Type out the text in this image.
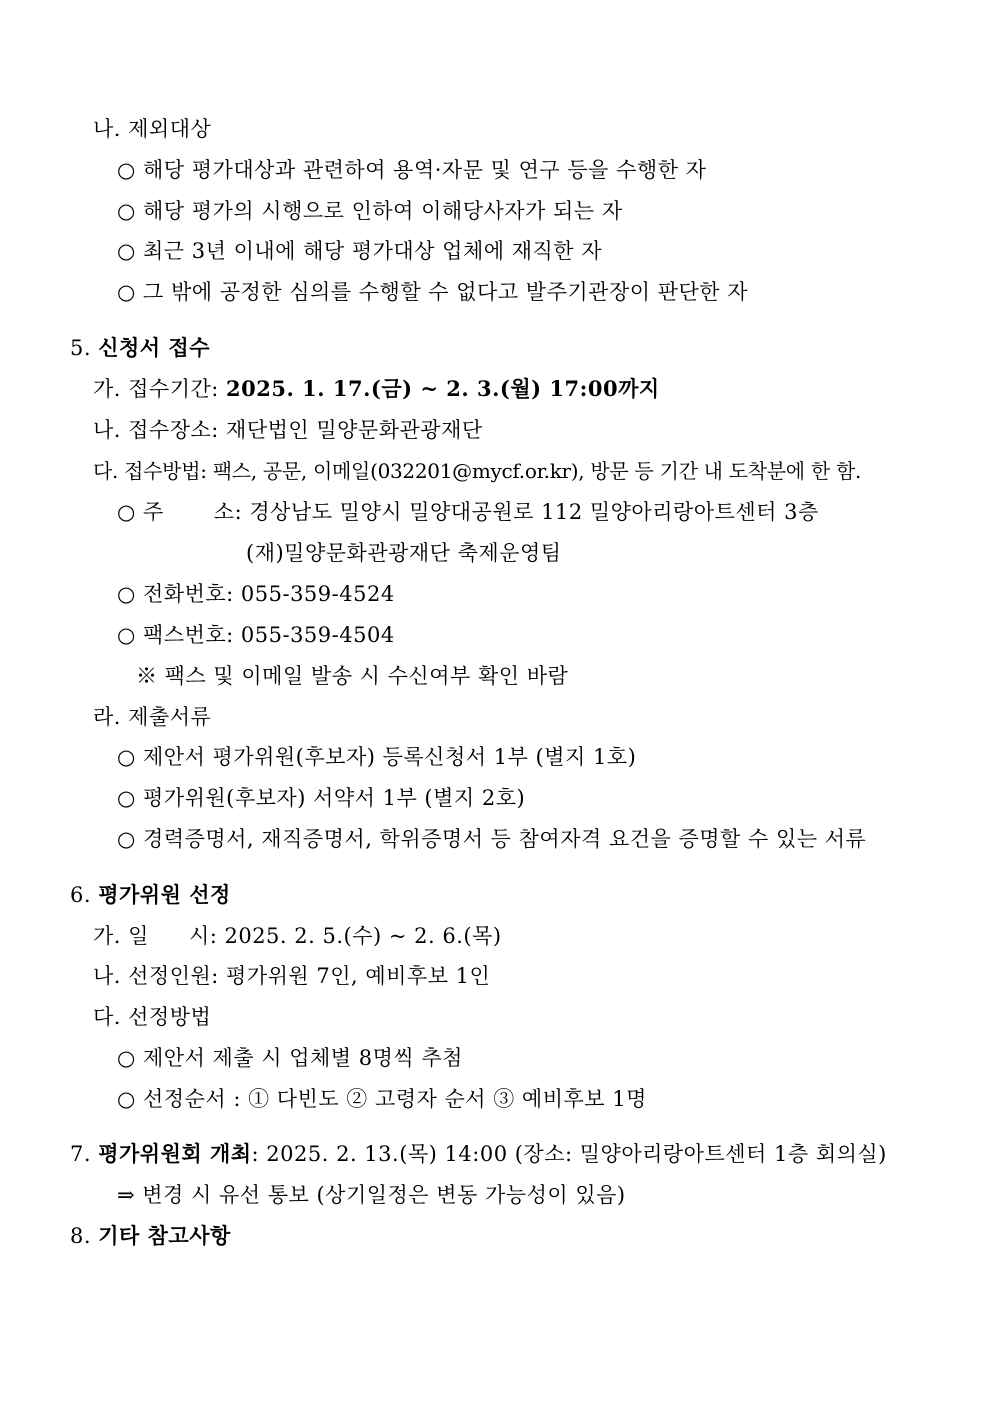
나. 제외대상
○ 해당 평가대상과 관련하여 용역·자문 및 연구 등을 수행한 자
○ 해당 평가의 시행으로 인하여 이해당사자가 되는 자
○ 최근 3년 이내에 해당 평가대상 업체에 재직한 자
○ 그 밖에 공정한 심의를 수행할 수 없다고 발주기관장이 판단한 자
5. 신청서 접수
가. 접수기간: 2025. 1. 17.(금) ~ 2. 3.(월) 17:00까지
나. 접수장소: 재단법인 밀양문화관광재단
다. 접수방법: 팩스, 공문, 이메일(032201@mycf.or.kr), 방문 등 기간 내 도착분에 한 함.
○ 주 소: 경상남도 밀양시 밀양대공원로 112 밀양아리랑아트센터 3층
(재)밀양문화관광재단 축제운영팀
○ 전화번호: 055-359-4524
○ 팩스번호: 055-359-4504
※ 팩스 및 이메일 발송 시 수신여부 확인 바람
라. 제출서류
○ 제안서 평가위원(후보자) 등록신청서 1부 (별지 1호)
○ 평가위원(후보자) 서약서 1부 (별지 2호)
○ 경력증명서, 재직증명서, 학위증명서 등 참여자격 요건을 증명할 수 있는 서류
6. 평가위원 선정
가. 일 시: 2025. 2. 5.(수) ~ 2. 6.(목)
나. 선정인원: 평가위원 7인, 예비후보 1인
다. 선정방법
○ 제안서 제출 시 업체별 8명씩 추첨
○ 선정순서 : ① 다빈도 ② 고령자 순서 ③ 예비후보 1명
7. 평가위원회 개최: 2025. 2. 13.(목) 14:00 (장소: 밀양아리랑아트센터 1층 회의실)
⇒ 변경 시 유선 통보 (상기일정은 변동 가능성이 있음)
8. 기타 참고사항
